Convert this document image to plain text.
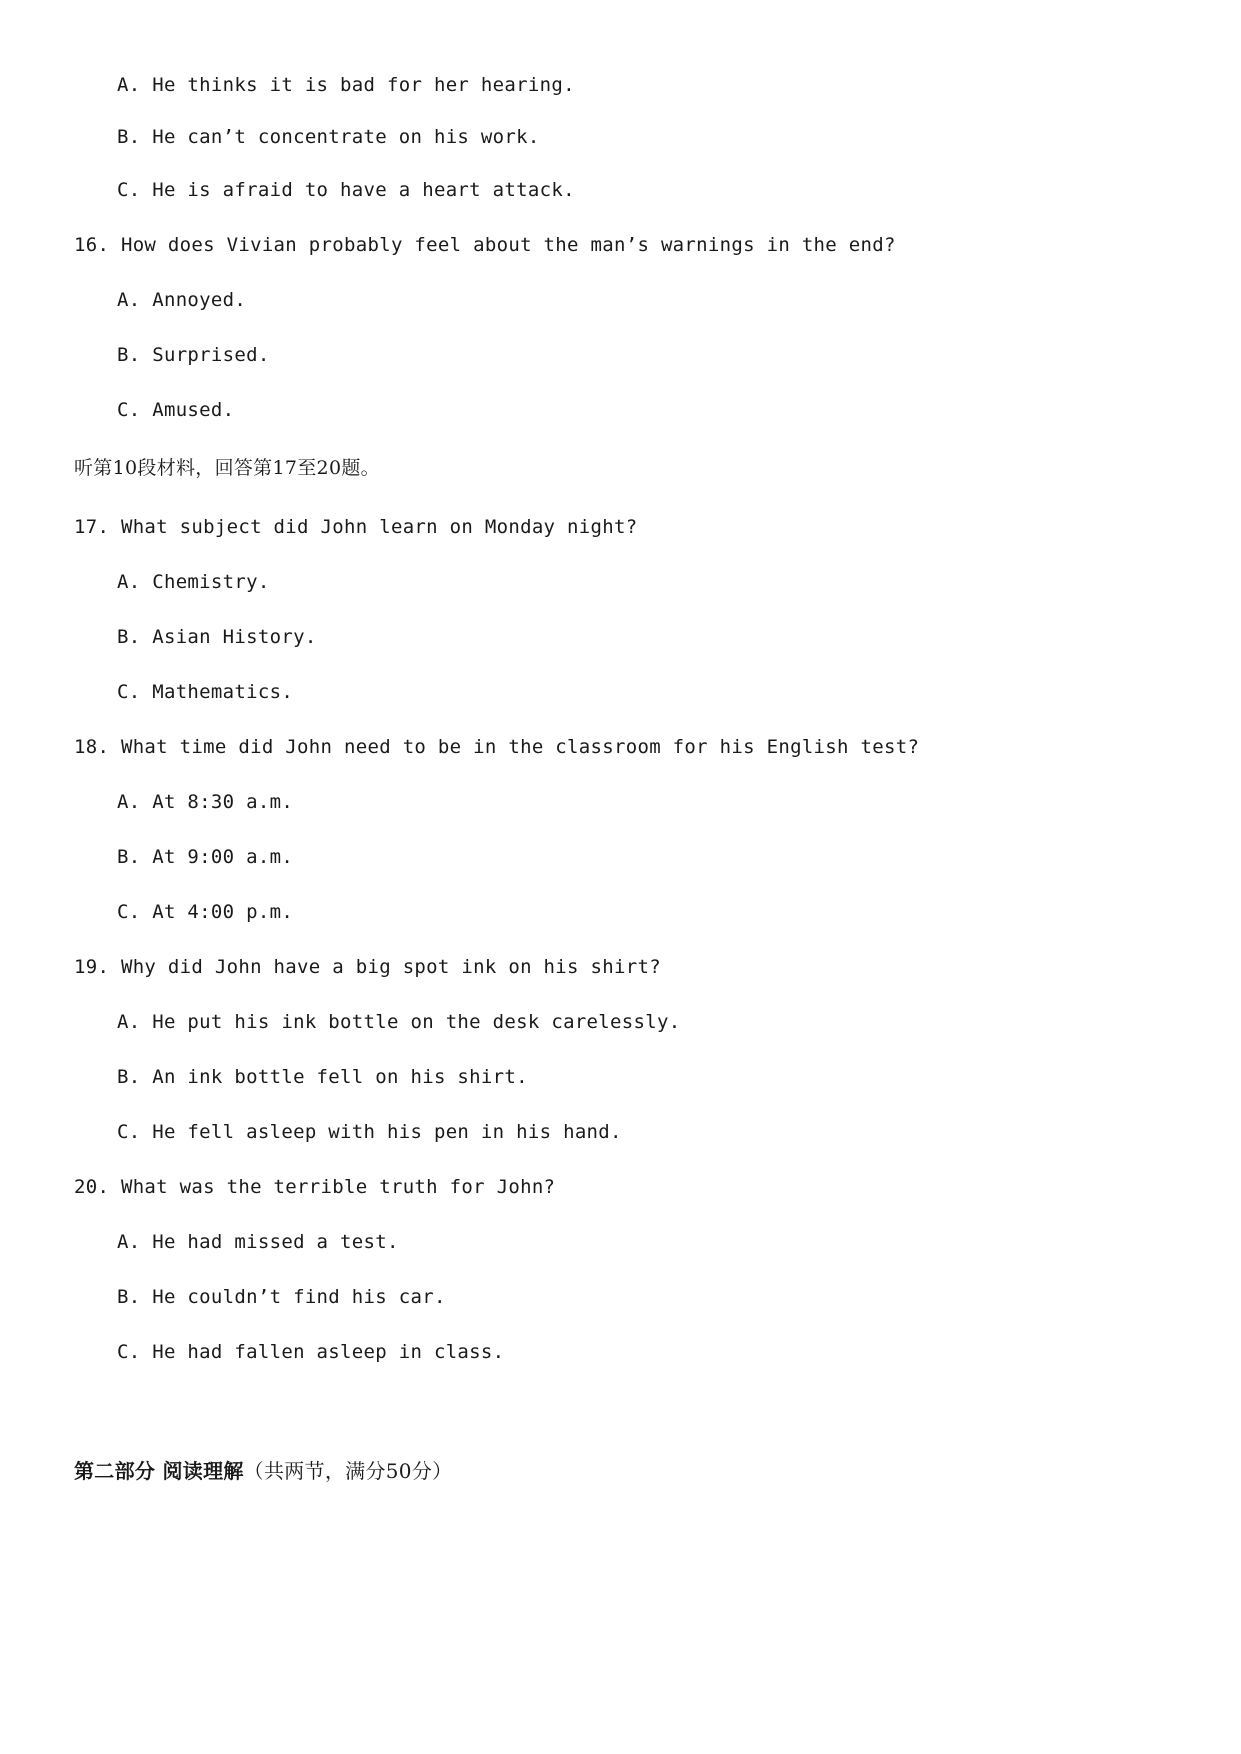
A. He thinks it is bad for her hearing.
B. He can’t concentrate on his work.
C. He is afraid to have a heart attack.
16. How does Vivian probably feel about the man’s warnings in the end?
A. Annoyed.
B. Surprised.
C. Amused.
听第10段材料，回答第17至20题。
17. What subject did John learn on Monday night?
A. Chemistry.
B. Asian History.
C. Mathematics.
18. What time did John need to be in the classroom for his English test?
A. At 8:30 a.m.
B. At 9:00 a.m.
C. At 4:00 p.m.
19. Why did John have a big spot ink on his shirt?
A. He put his ink bottle on the desk carelessly.
B. An ink bottle fell on his shirt.
C. He fell asleep with his pen in his hand.
20. What was the terrible truth for John?
A. He had missed a test.
B. He couldn’t find his car.
C. He had fallen asleep in class.
第二部分 阅读理解（共两节，满分50分）
